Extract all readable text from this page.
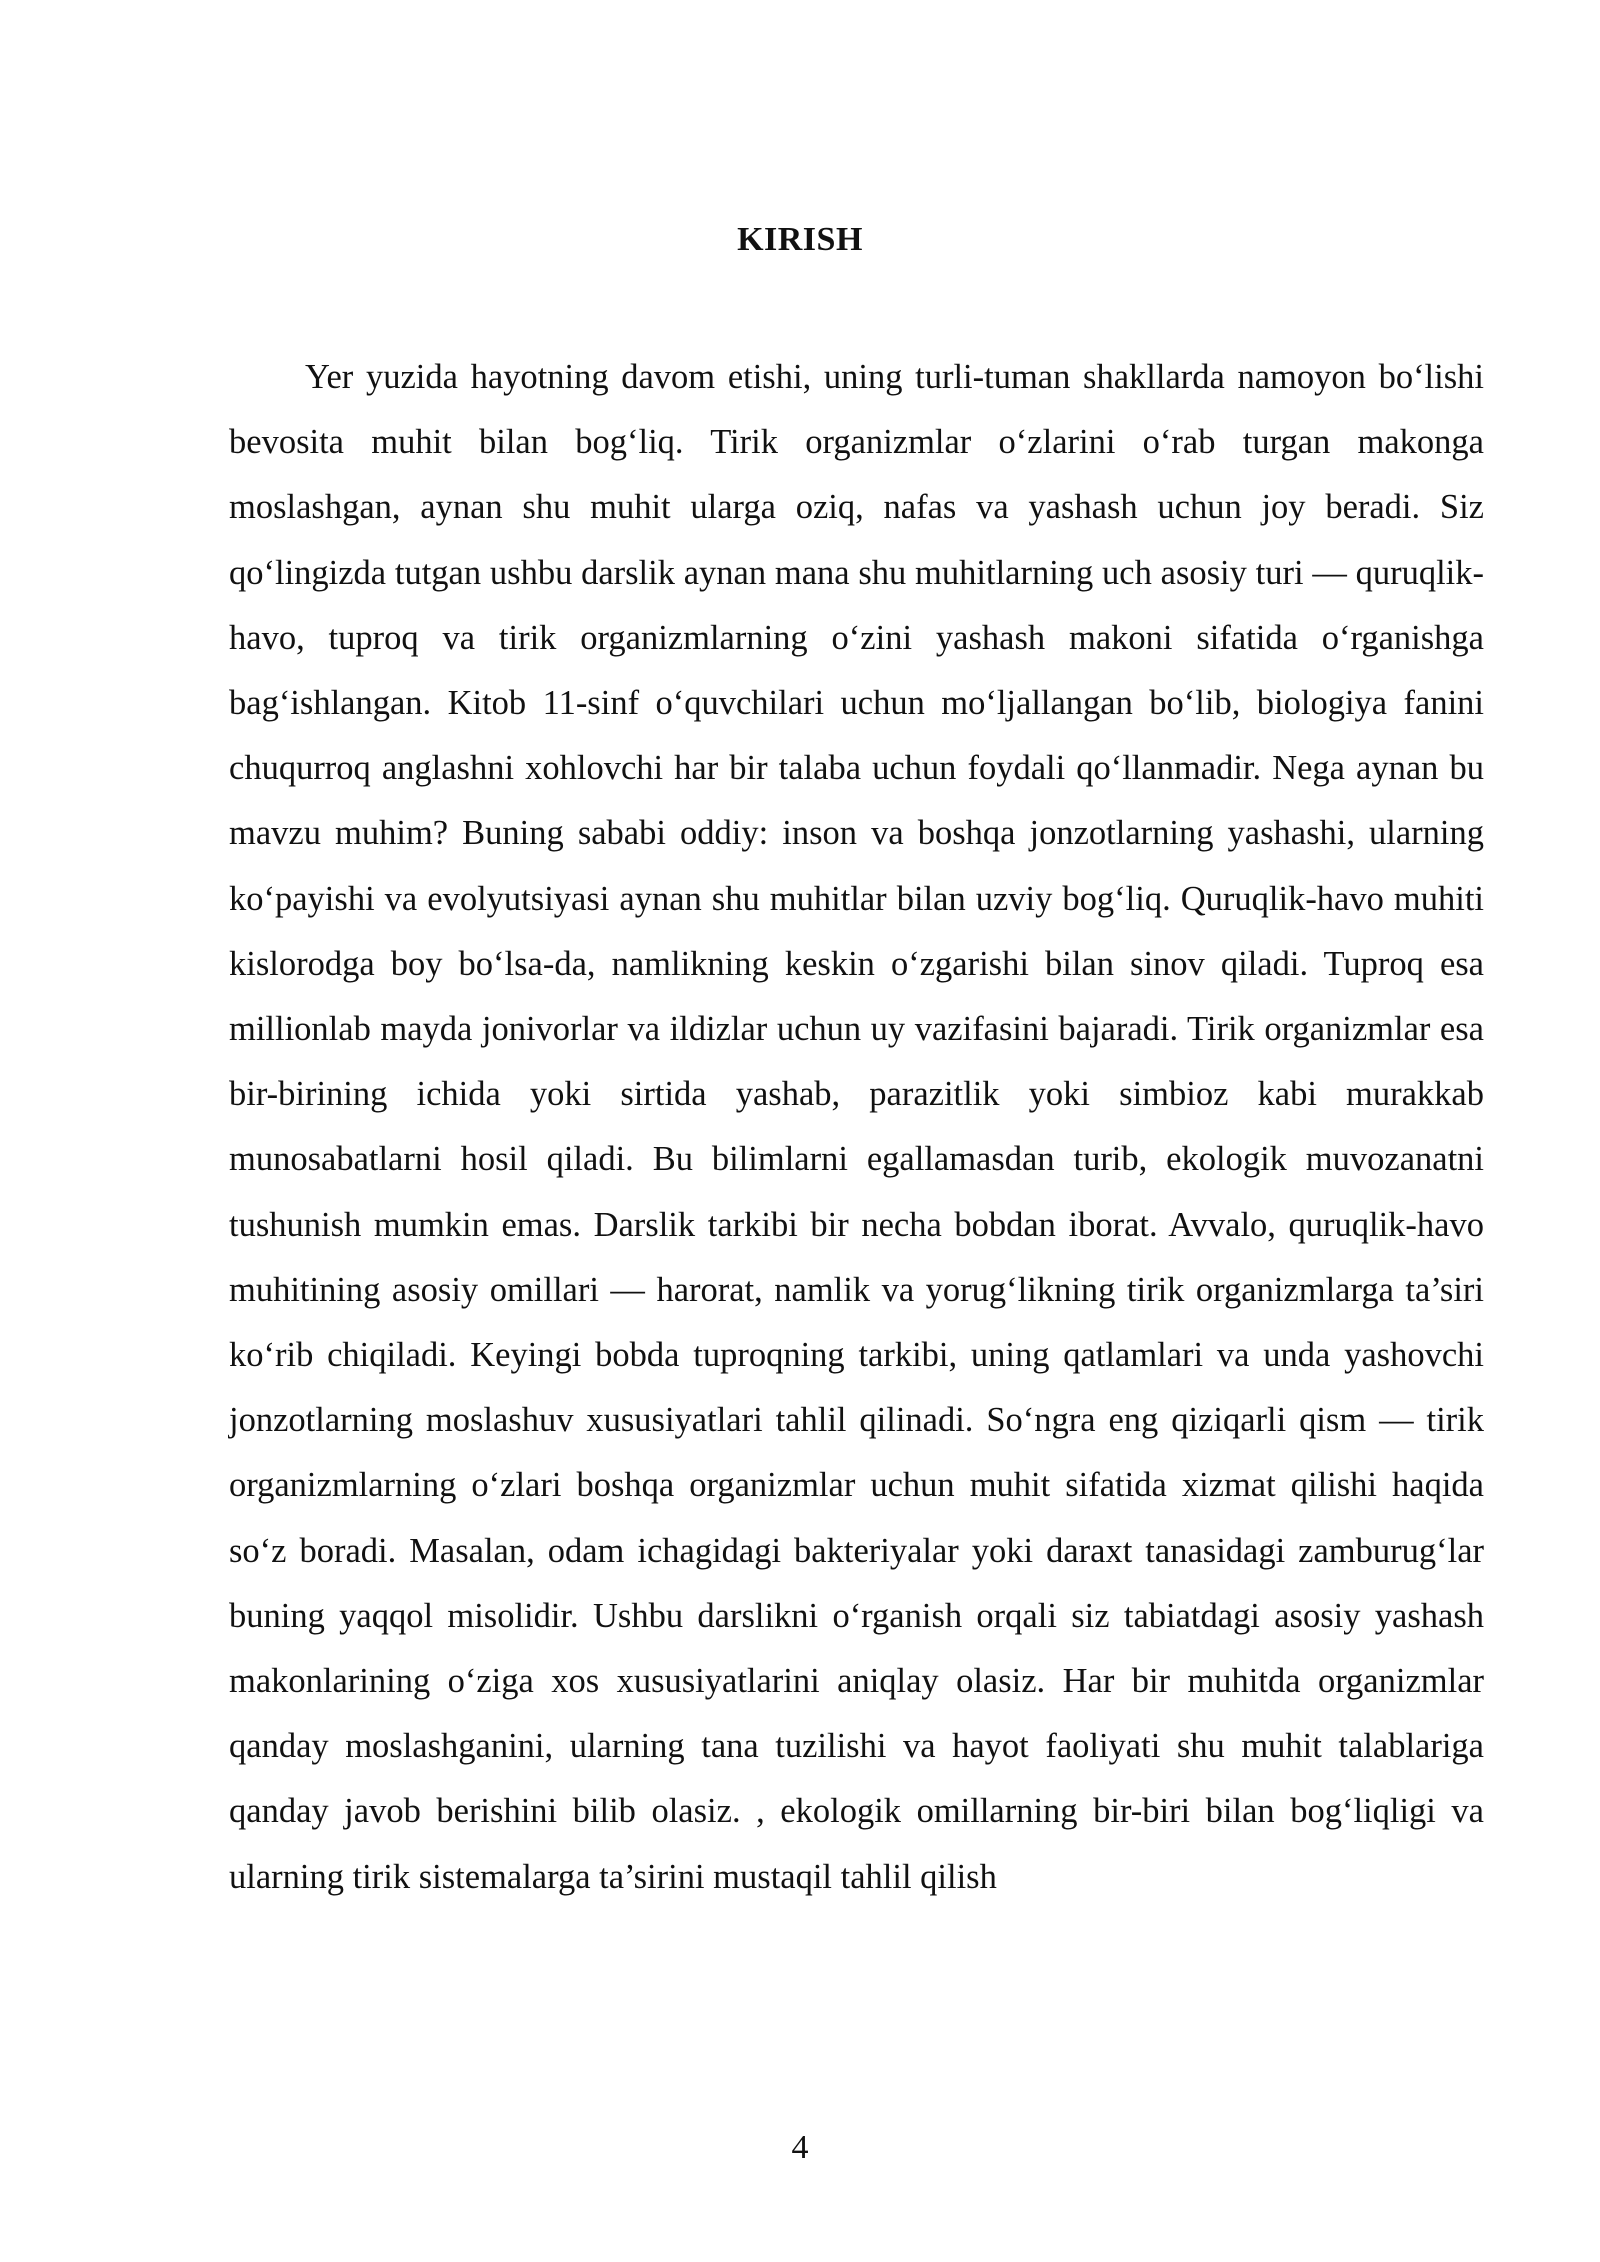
KIRISH

Yer yuzida hayotning davom etishi, uning turli-tuman shakllarda namoyon bo‘lishi bevosita muhit bilan bog‘liq. Tirik organizmlar o‘zlarini o‘rab turgan makonga moslashgan, aynan shu muhit ularga oziq, nafas va yashash uchun joy beradi. Siz qo‘lingizda tutgan ushbu darslik aynan mana shu muhitlarning uch asosiy turi — quruqlik-havo, tuproq va tirik organizmlarning o‘zini yashash makoni sifatida o‘rganishga bag‘ishlangan. Kitob 11-sinf o‘quvchilari uchun mo‘ljallangan bo‘lib, biologiya fanini chuqurroq anglashni xohlovchi har bir talaba uchun foydali qo‘llanmadir. Nega aynan bu mavzu muhim? Buning sababi oddiy: inson va boshqa jonzotlarning yashashi, ularning ko‘payishi va evolyutsiyasi aynan shu muhitlar bilan uzviy bog‘liq. Quruqlik-havo muhiti kislorodga boy bo‘lsa-da, namlikning keskin o‘zgarishi bilan sinov qiladi. Tuproq esa millionlab mayda jonivorlar va ildizlar uchun uy vazifasini bajaradi. Tirik organizmlar esa bir-birining ichida yoki sirtida yashab, parazitlik yoki simbioz kabi murakkab munosabatlarni hosil qiladi. Bu bilimlarni egallamasdan turib, ekologik muvozanatni tushunish mumkin emas. Darslik tarkibi bir necha bobdan iborat. Avvalo, quruqlik-havo muhitining asosiy omillari — harorat, namlik va yorug‘likning tirik organizmlarga ta’siri ko‘rib chiqiladi. Keyingi bobda tuproqning tarkibi, uning qatlamlari va unda yashovchi jonzotlarning moslashuv xususiyatlari tahlil qilinadi. So‘ngra eng qiziqarli qism — tirik organizmlarning o‘zlari boshqa organizmlar uchun muhit sifatida xizmat qilishi haqida so‘z boradi. Masalan, odam ichagidagi bakteriyalar yoki daraxt tanasidagi zamburug‘lar buning yaqqol misolidir. Ushbu darslikni o‘rganish orqali siz tabiatdagi asosiy yashash makonlarining o‘ziga xos xususiyatlarini aniqlay olasiz. Har bir muhitda organizmlar qanday moslashganini, ularning tana tuzilishi va hayot faoliyati shu muhit talablariga qanday javob berishini bilib olasiz. , ekologik omillarning bir-biri bilan bog‘liqligi va ularning tirik sistemalarga ta’sirini mustaqil tahlil qilish

4
